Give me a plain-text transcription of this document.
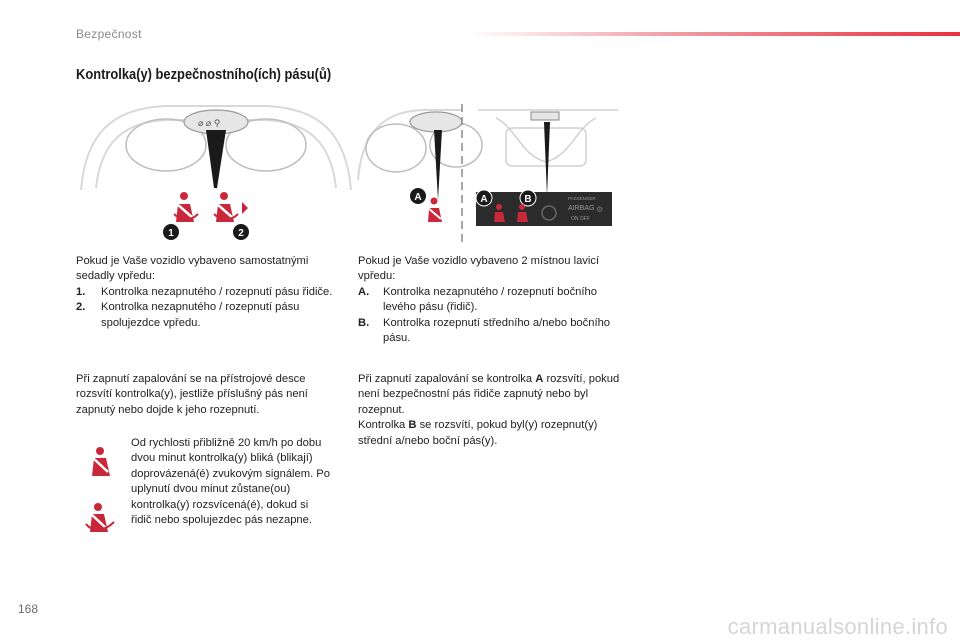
Bezpečnost
Kontrolka(y) bezpečnostního(ích) pásu(ů)
⌀ ⌀ ⚲
1	2
A	A	B	PASSENGER
AIRBAG
ON OFF
⚙

Pokud je Vaše vozidlo vybaveno samostatnými sedadly vpředu:

1.	Kontrolka nezapnutého / rozepnutí pásu řidiče.
2.	Kontrolka nezapnutého / rozepnutí pásu spolujezdce vpředu.
Při zapnutí zapalování se na přístrojové desce rozsvítí kontrolka(y), jestliže příslušný pás není zapnutý nebo dojde k jeho rozepnutí.
Od rychlosti přibližně 20 km/h po dobu dvou minut kontrolka(y) bliká (blikají) doprovázená(é) zvukovým signálem. Po uplynutí dvou minut zůstane(ou) kontrolka(y) rozsvícená(é), dokud si řidič nebo spolujezdec pás nezapne.

Pokud je Vaše vozidlo vybaveno 2 místnou lavicí vpředu:

A.	Kontrolka nezapnutého / rozepnutí bočního levého pásu (řidič).
B.	Kontrolka rozepnutí středního a/nebo bočního pásu.
Při zapnutí zapalování se kontrolka A rozsvítí, pokud není bezpečnostní pás řidiče zapnutý nebo byl rozepnut.
Kontrolka B se rozsvítí, pokud byl(y) rozepnut(y) střední a/nebo boční pás(y).
168
carmanualsonline.info
